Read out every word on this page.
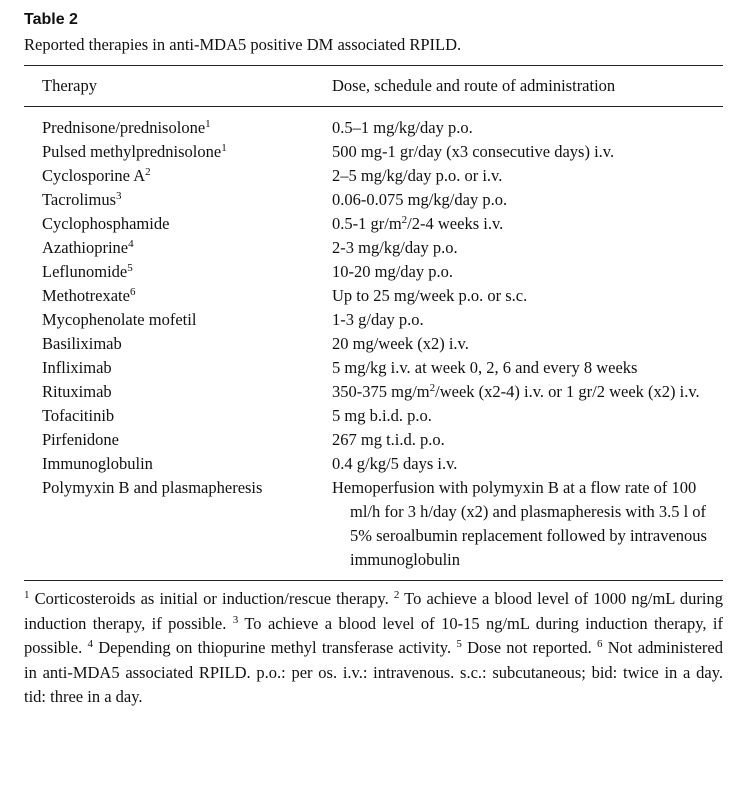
Table 2

Reported therapies in anti-MDA5 positive DM associated RPILD.

Therapy	Dose, schedule and route of administration
Prednisone/prednisolone$^1$	0.5–1 mg/kg/day p.o.

Pulsed methylprednisolone$^1$	500 mg-1 gr/day (x3 consecutive days) i.v.

Cyclosporine $A^2$	2–5 mg/kg/day p.o. or i.v.

Tacrolimus$^3$	0.06-0.075 mg/kg/day p.o.

Cyclophosphamide	0.5-1 $gr/m^2/2-4$ weeks i.v.

Azathioprine$^4$	2-3 mg/kg/day p.o.

Leflunomide$^5$	10-20 mg/day p.o.

Methotrexate$^6$	Up to 25 mg/week p.o. or s.c.

Mycophenolate mofetil	1-3 g/day p.o.

Basiliximab	20 mg/week (x2) i.v.

Infliximab	5 mg/kg i.v. at week 0, 2, 6 and every 8 weeks

Rituximab	350-375 $mg/m^2$/week (x2-4) i.v. or 1 gr/2 week (x2) i.v.

Tofacitinib	5 mg b.i.d. p.o.

Pirfenidone	267 mg t.i.d. p.o.

Immunoglobulin	0.4 g/kg/5 days i.v.

Polymyxin B and plasmapheresis	Hemoperfusion with polymyxin B at a flow rate of 100 ml/h for 3 h/day (x2) and plasmapheresis with 3.5 l of 5% seroalbumin replacement followed by intravenous immunoglobulin

$^1$ Corticosteroids as initial or induction/rescue therapy. $^2$ To achieve a blood level of 1000 ng/mL during induction therapy, if possible. $^3$ To achieve a blood level of 10-15 ng/mL during induction therapy, if possible. $^4$ Depending on thiopurine methyl transferase activity. $^5$ Dose not reported. $^6$ Not administered in anti-MDA5 associated RPILD. p.o.: per os. i.v.: intravenous. s.c.: subcutaneous; bid: twice in a day. tid: three in a day.
